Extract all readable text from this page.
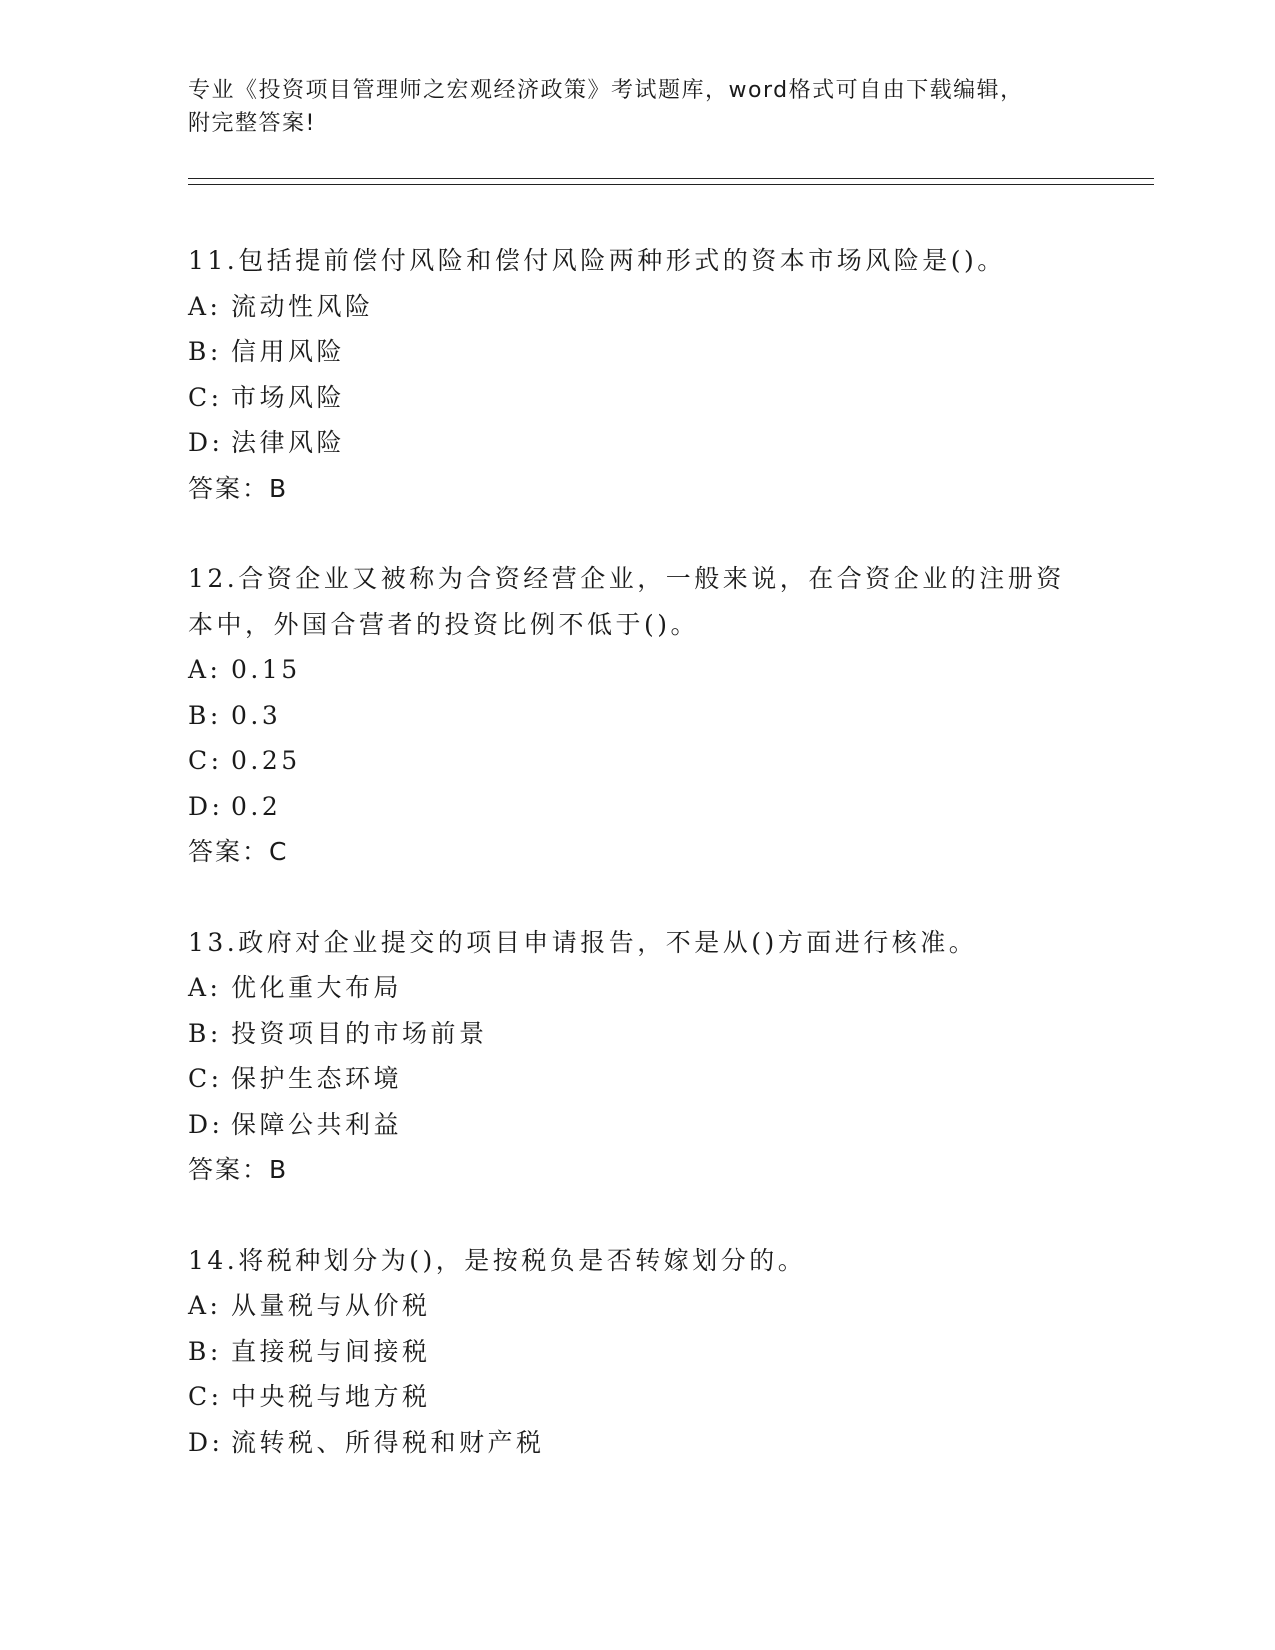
专业《投资项目管理师之宏观经济政策》考试题库，word格式可自由下载编辑，
附完整答案!
11.包括提前偿付风险和偿付风险两种形式的资本市场风险是()。
A: 流动性风险
B: 信用风险
C: 市场风险
D: 法律风险
答案：B
12.合资企业又被称为合资经营企业，一般来说，在合资企业的注册资
本中，外国合营者的投资比例不低于()。
A: 0.15
B: 0.3
C: 0.25
D: 0.2
答案：C
13.政府对企业提交的项目申请报告，不是从()方面进行核准。
A: 优化重大布局
B: 投资项目的市场前景
C: 保护生态环境
D: 保障公共利益
答案：B
14.将税种划分为()，是按税负是否转嫁划分的。
A: 从量税与从价税
B: 直接税与间接税
C: 中央税与地方税
D: 流转税、所得税和财产税
